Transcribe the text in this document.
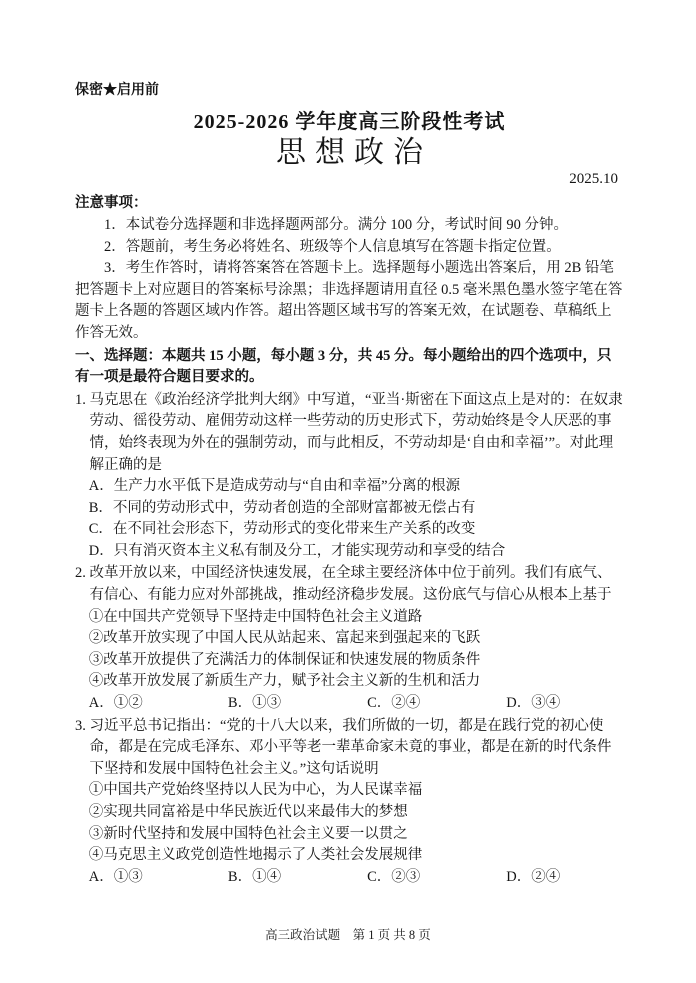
保密★启用前
2025-2026 学年度高三阶段性考试
思想政治
2025.10
注意事项：

1．本试卷分选择题和非选择题两部分。满分 100 分，考试时间 90 分钟。

2．答题前，考生务必将姓名、班级等个人信息填写在答题卡指定位置。

3．考生作答时，请将答案答在答题卡上。选择题每小题选出答案后，用 2B 铅笔把答题卡上对应题目的答案标号涂黑；非选择题请用直径 0.5 毫米黑色墨水签字笔在答题卡上各题的答题区域内作答。超出答题区域书写的答案无效，在试题卷、草稿纸上作答无效。

一、选择题：本题共 15 小题，每小题 3 分，共 45 分。每小题给出的四个选项中，只有一项是最符合题目要求的。

1. 马克思在《政治经济学批判大纲》中写道，“亚当·斯密在下面这点上是对的：在奴隶劳动、徭役劳动、雇佣劳动这样一些劳动的历史形式下，劳动始终是令人厌恶的事情，始终表现为外在的强制劳动，而与此相反，不劳动却是‘自由和幸福’”。对此理解正确的是

A．生产力水平低下是造成劳动与“自由和幸福”分离的根源

B．不同的劳动形式中，劳动者创造的全部财富都被无偿占有

C．在不同社会形态下，劳动形式的变化带来生产关系的改变

D．只有消灭资本主义私有制及分工，才能实现劳动和享受的结合

2. 改革开放以来，中国经济快速发展，在全球主要经济体中位于前列。我们有底气、有信心、有能力应对外部挑战，推动经济稳步发展。这份底气与信心从根本上基于

①在中国共产党领导下坚持走中国特色社会主义道路

②改革开放实现了中国人民从站起来、富起来到强起来的飞跃

③改革开放提供了充满活力的体制保证和快速发展的物质条件

④改革开放发展了新质生产力，赋予社会主义新的生机和活力

A．①②	B．①③	C．②④	D．③④

3. 习近平总书记指出：“党的十八大以来，我们所做的一切，都是在践行党的初心使命，都是在完成毛泽东、邓小平等老一辈革命家未竟的事业，都是在新的时代条件下坚持和发展中国特色社会主义。”这句话说明

①中国共产党始终坚持以人民为中心，为人民谋幸福

②实现共同富裕是中华民族近代以来最伟大的梦想

③新时代坚持和发展中国特色社会主义要一以贯之

④马克思主义政党创造性地揭示了人类社会发展规律

A．①③	B．①④	C．②③	D．②④
高三政治试题　第 1 页 共 8 页
